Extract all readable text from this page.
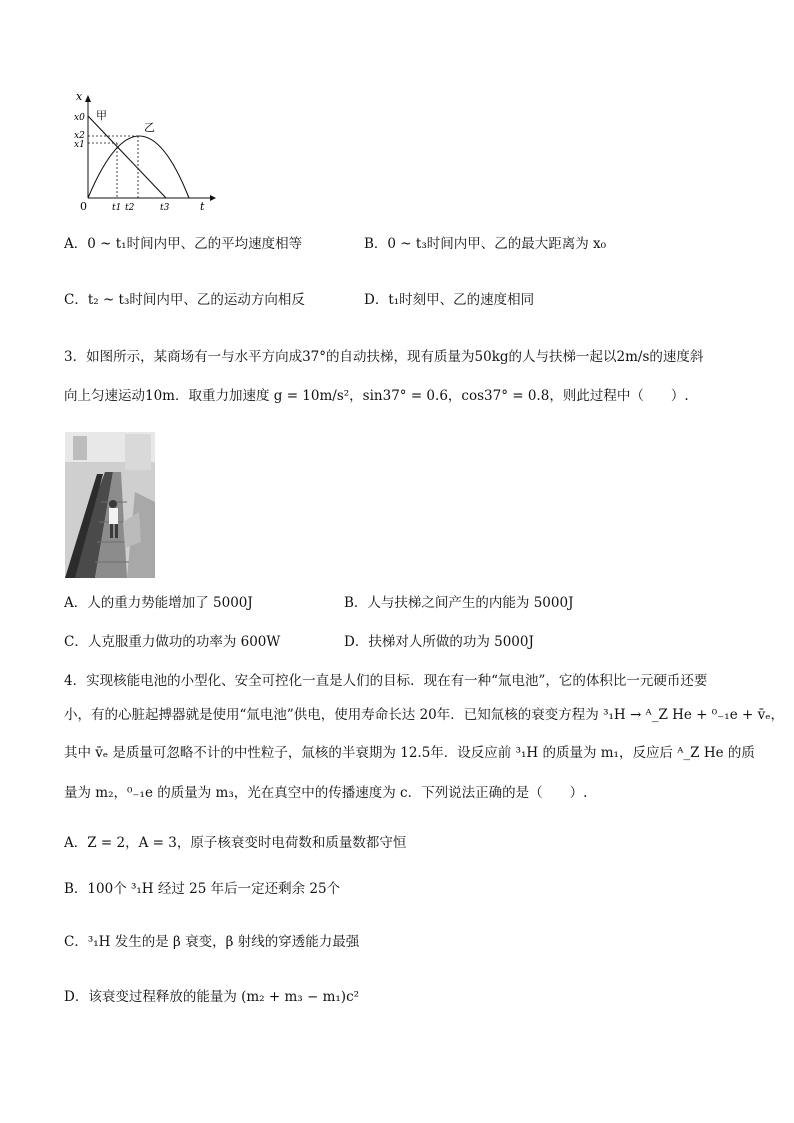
x
t
0
x0
x2
x1
t1 t2	t3
甲
乙
A．0 ~ t₁时间内甲、乙的平均速度相等	B．0 ~ t₃时间内甲、乙的最大距离为 x₀
C．t₂ ~ t₃时间内甲、乙的运动方向相反	D．t₁时刻甲、乙的速度相同
3．如图所示，某商场有一与水平方向成37°的自动扶梯，现有质量为50kg的人与扶梯一起以2m/s的速度斜
向上匀速运动10m．取重力加速度 g = 10m/s²，sin37° = 0.6，cos37° = 0.8，则此过程中（　　）.
A．人的重力势能增加了 5000J	B．人与扶梯之间产生的内能为 5000J
C．人克服重力做功的功率为 600W	D．扶梯对人所做的功为 5000J
4．实现核能电池的小型化、安全可控化一直是人们的目标．现在有一种“氚电池”，它的体积比一元硬币还要
小，有的心脏起搏器就是使用“氚电池”供电，使用寿命长达 20年．已知氚核的衰变方程为 ³₁H → ᴬ_Z He + ⁰₋₁e + v̄ₑ，
其中 v̄ₑ 是质量可忽略不计的中性粒子，氚核的半衰期为 12.5年．设反应前 ³₁H 的质量为 m₁，反应后 ᴬ_Z He 的质
量为 m₂，⁰₋₁e 的质量为 m₃，光在真空中的传播速度为 c．下列说法正确的是（　　）.
A．Z = 2，A = 3，原子核衰变时电荷数和质量数都守恒
B．100个 ³₁H 经过 25 年后一定还剩余 25个
C．³₁H 发生的是 β 衰变，β 射线的穿透能力最强
D．该衰变过程释放的能量为 (m₂ + m₃ − m₁)c²
